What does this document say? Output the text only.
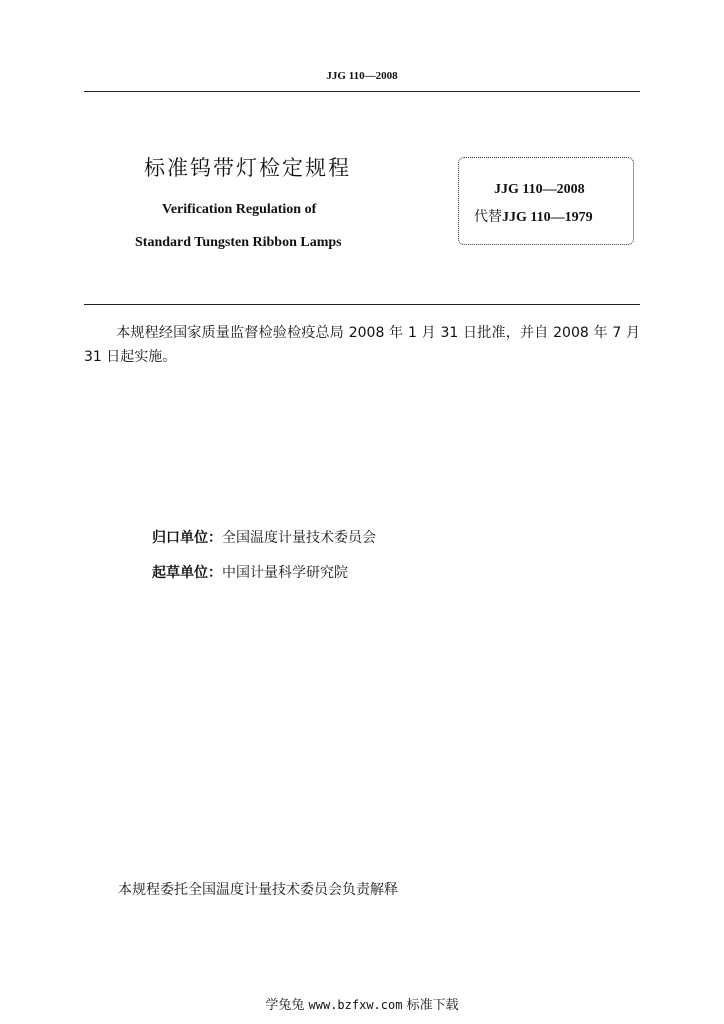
JJG 110—2008
标准钨带灯检定规程
Verification Regulation of
Standard Tungsten Ribbon Lamps
JJG 110—2008
代替JJG 110—1979
本规程经国家质量监督检验检疫总局 2008 年 1 月 31 日批准，并自 2008 年 7 月 31 日起实施。
归口单位：全国温度计量技术委员会
起草单位：中国计量科学研究院
本规程委托全国温度计量技术委员会负责解释
学兔兔 www.bzfxw.com 标准下载
